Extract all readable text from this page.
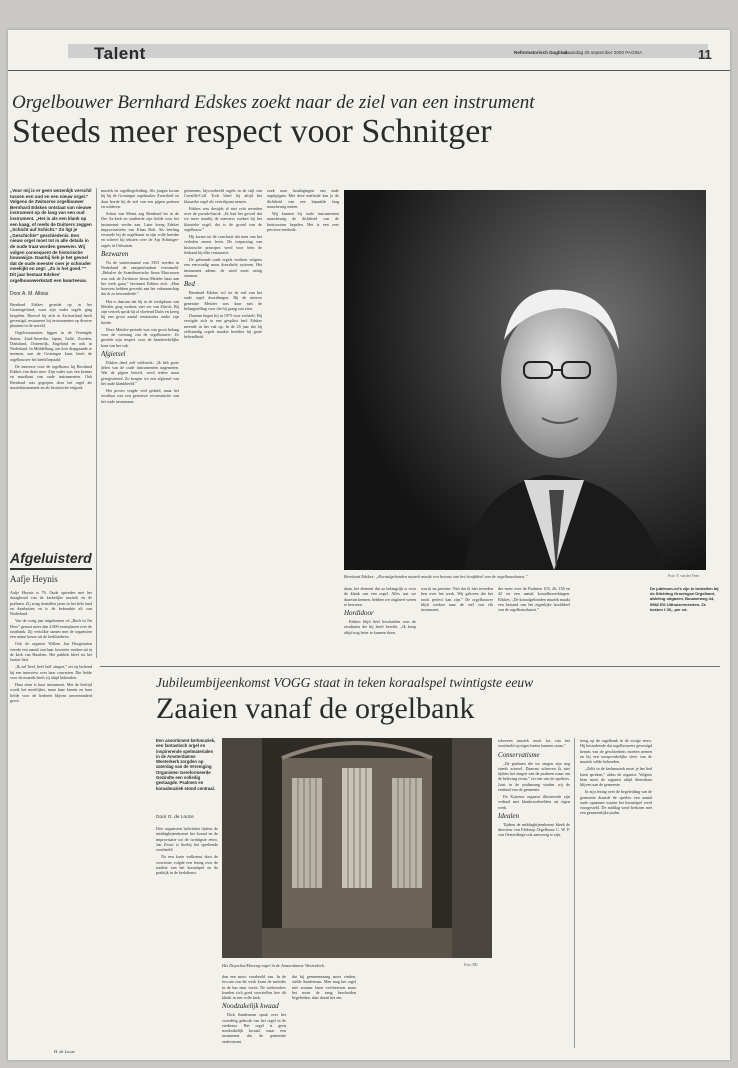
Talent	Reformatorisch Dagblad
maandag 25 september 2000 PAGINA	11
Orgelbouwer Bernhard Edskes zoekt naar de ziel van een instrument
Steeds meer respect voor Schnitger
„Voor mij is er geen wezenlijk verschil tussen een oud en een nieuw orgel.” Volgens de Zwitserse orgelbouwer Bernhard Edskes ontstaat van nieuwe instrument op de lang van een oud instrument. „Het is als een klank op een kaag, of reeds de Duitsers zeggen „Schicht auf Schicht.” Zo ligt je „Geschichte” geschiedenis. Een nieuw orgel moet tot in alle details in de oude traat worden geweven. Wij volgen consequent de historische bouwwijze. Daarbij heb je het gevoel dat de oude meester over je schouder meekijkt en zegt: „Zo is het goed.”” Dit jaar bestaat Edskes' orgelbouwwerkstatt een kwarteeuw.
Door A. M. Albias

Bernhard Edskes groeide op in het Groningerland, waar zijn vader orgels ging bespelen. Hoewel hij zich in Zwitserland heeft gevestigd, restaureert hij instrumenten op diverse plaatsen in de wereld.

Orgelrestauraties liggen in de Verenigde Staten, Zuid-Amerika, Japan, Italië, Zweden, Duitsland, Oostenrijk, Engeland en ook in Nederland. In Middelburg, om kort diepgaande te noemen, aan de Groningse kant, heeft de orgelbouwer het beeld bepaald.

De interesse voor de orgelbouw bij Bernhard Edskes van thuis mee. Zijn vader was een kenner en muzikant van oude instrumenten. Ook Bernhard was gegrepen door het orgel als muziekinstrument en als historische erfgoed.

muziek en orgelbegeleiding. Als jongen kwam hij bij de Groningse orgelmaker Zwarthoff en daar leerde hij de ziel van een pijpen poetsen en solderen.

Schon van Meent zag Bernhard les in de Der Aa-kerk en studeerde zijn liefde voor het instrument verder aan. Later kreeg Edskes improvisatieles van Klaas Bolt. Als leerling ervaarde hij de orgelkunst in zijn volle breedte en schreef hij teksten over de Arp Schnitger-orgels in Uithuizen.

Bezwaren

Na de wintermaand van 1953 werden in Nederland de rampenfondsen verzameld. „Behalve de Scandinavische firma Marcussen was ook de Zwitserse firma Metzler baas aan het werk gaan,” herinnert Edskes zich. „Hun bouwers hebben gewerkt aan het vakmanschap dat ik zo bewonderde.”

Het is daarom dat hij in de werkplaats van Metzler ging werken, niet ver van Zürich. Bij zijn vertrek sprak hij al vloeiend Duits en kreeg hij een groot aantal restauraties onder zijn hoede.

Deze Metzler-periode was van groot belang voor de vorming van de orgelbouwer. Zo groeide zijn respect voor de handwerkelijke kant van het vak.

Afgietsel

Edskes deed zelf veldwerk: „Ik heb grote delen van de oude instrumenten nagemeten. Wat de pijpen betreft, werd iedere maat geregistreerd. Zo kregen we een afgietsel van het oude klankbeeld.”

Het proces vergde veel geduld, maar het resultaat was een getrouwe reconstructie van het oude instrument.

gesteunen, bijvoorbeeld orgels in de stijl van Cavaillé-Coll. Toch bleef hij altijd het klassieke orgel als vertrekpunt nemen.

Edskes was destijds al niet echt tevreden over de pseudo-barok. „Ik had het gevoel dat we meer naarbij de meesters zoeken bij het klassieke orgel, dat is de grond van de orgelbouw.”

Hij kwam tot de conclusie dat men van het verleden moest leren. De toepassing van historische principes werd voor hem de leidraad bij elke restauratie.

De gebrande oude orgels werkten volgens een eenvoudig maar doordacht systeem. Het instrument ademt, de wind moet rustig stromen.

Bed

Bernhard Edskes vol tot de ziel van het oude orgel doordringen. Bij de nieuwe generatie Metzler was daar niet de belangstelling voor die hij graag zou zien.

Daarom begon hij in 1975 voor zichzelf. Hij vestigde zich in een gesplitst bed. Edskes meende in het vak op. In de 25 jaar dat hij zelfstandig orgels maakte bereikte hij grote bekendheid.

zoek naar houtlagingen van oude orgelpijpen. Met deze methode kan je de dichtheid van een bepaalde laag nauwkeurig meten.

Wij kunnen bij oude instrumenten nauwkeurig de dichtheid van de houtsoorten bepalen. Het is een zeer precieze methode.

Bernhard Edskes: „Koraalgebonden muziek maakt een bewust van het hoofddeel van de orgelbouwkunst.”	Foto: Y. van der Veen

daan, het element dat zo belangrijk is voor de klank van een orgel. Alles wat we daarvan kennen, hebben we origineel weten te bewaren.

Hordidoor

Edskes blijft heel bescheiden over de resultaten die hij heeft bereikt. „Ik hoop altijd nog beter te kunnen doen.

wat ik nu presteer. Niet dat ik niet tevreden ben over het werk. Wij geloven dat het nooit perfect kan zijn.” De orgelbouwer blijft zoeken naar de ziel van elk instrument.

der meer over de Psalmen 103, 26, 150 en 42 en een aantal koraalbewerkingen. Edskes: „De koraalgebonden muziek maakt een bestand van het eigenlijke hoofddeel van de orgelbouwkunst.”

De jubileum-cd's zijn te bestellen bij de Stichting Groningse Orgelland, afdeling uitgaven, Bouwerweg 44, 9982 EG Uithuizermeeden. Ze kosten f 35,- per cd.
Afgeluisterd
Aafje Heynis

Aafje Heynis is 76. Oude optreden met het draagkruid van de kerkelijke muziek en de psalmen. Zij zong tientallen jaren in het hele land en daarbuiten en is de bekendste alt van Nederland.

Van de vorig jaar uitgekomen cd „Bach ist Ihr Herz” genoot meer dan 4.000 exemplaren over de toonbank. Zij vertolkte samen met de organisten een ruime keuze uit de kerkliederen.

Ook de organist Willem Jan Hoogstraten voerde een aantal van haar favoriete werken uit in de kerk van Haarlem. Het publiek bleef tot het laatste lied.

„Ik zal 'heel, heel luid' zingen,” zei zij lachend bij een interview over haar concerten. Die liefde voor de muziek heeft zij altijd behouden.

Haar stem is haar instrument. Met de leeftijd wordt het moeilijker, maar haar kennis en haar liefde voor de liederen blijven onverminderd groot.

H. de Looze
Jubileumbijeenkomst VOGG staat in teken koraalspel twintigste eeuw
Zaaien vanaf de orgelbank
Een assortiment kerkmuziek, een fantastisch orgel en inspirerende spelmaterialen in de Amsterdamse Westerkerk zorgden op zaterdag van de Vereniging Organisten Gereformeerde Gezindte een volledig geslaagde. Psalmen en koraalmuziek stond centraal.
Door G. de Looze

Drie organisten belichtten tijdens de middagbijeenkomst het koraal en de improvisatie uit de twintigste eeuw. Jan Zwart is hierbij het sprekende voorbeeld.

Na een korte welkomst door de voorzitter volgde een lezing over de traditie van het koraalspel en de praktijk in de kerkdienst.

Het Duyschot/Hoveng-orgel in de Amsterdamse Westerkerk.	Foto: RD

dan een mooi voorbeeld van. In de toccata van dit werk komt de melodie in de bas naar voren. De toehoorders konden zich goed voorstellen hoe dit klinkt in een volle kerk.

Noodzakelijk kwaad

Dick Sanderman sprak over het voordelig gebruik van het orgel in de eredienst. Het orgel is geen noodzakelijk kwaad, maar een instrument dat de gemeente ondersteunt.

dat bij gemeentezang moet vinden, stelde Sanderman. Men mag het orgel niet zomaar laten overheersen maar het moet de zang bescheiden begeleiden, daar draait het om.

schreven muziek moet los van het voorbeeld op eigen benen kunnen staan.”

Conservatisme

„De psalmen die we zingen zijn nog steeds actueel. Daarom schreven ik niet tijdens het zingen van de psalmen maar om de beleving ervan,” zei een van de sprekers. Juist in de psalmzang vinden wij de eenheid van de gemeente.

De Kijsense organist illustreerde zijn verhaal met klankvoorbeelden uit eigen werk.

Idealen

Tijdens de middagbijeenkomst bleek de directeur van Elektrop Orgelbouw C. W. P. van Oesterdhege ook aanwezig te zijn.

terug op de orgelbank in de vorige eeuw. Hij bestudeerde dat orgelbouwers gevestigd kennis van de geschiedenis moeten nemen en hij een oorspronkelijke sfeer van de muziek wilde behouden.

„Zelfs in de kerkmuziek moet je het lied laten spreken,” aldus de organist. Volgens hem moet de organist altijd dienstbaar blijven aan de gemeente.

In zijn lezing over de begeleiding van de gemeente draaide de spreker een aantal oude opnamen waarin het koraalspel werd voorgesteld. De middag werd besloten met een gezamenlijke psalm.
